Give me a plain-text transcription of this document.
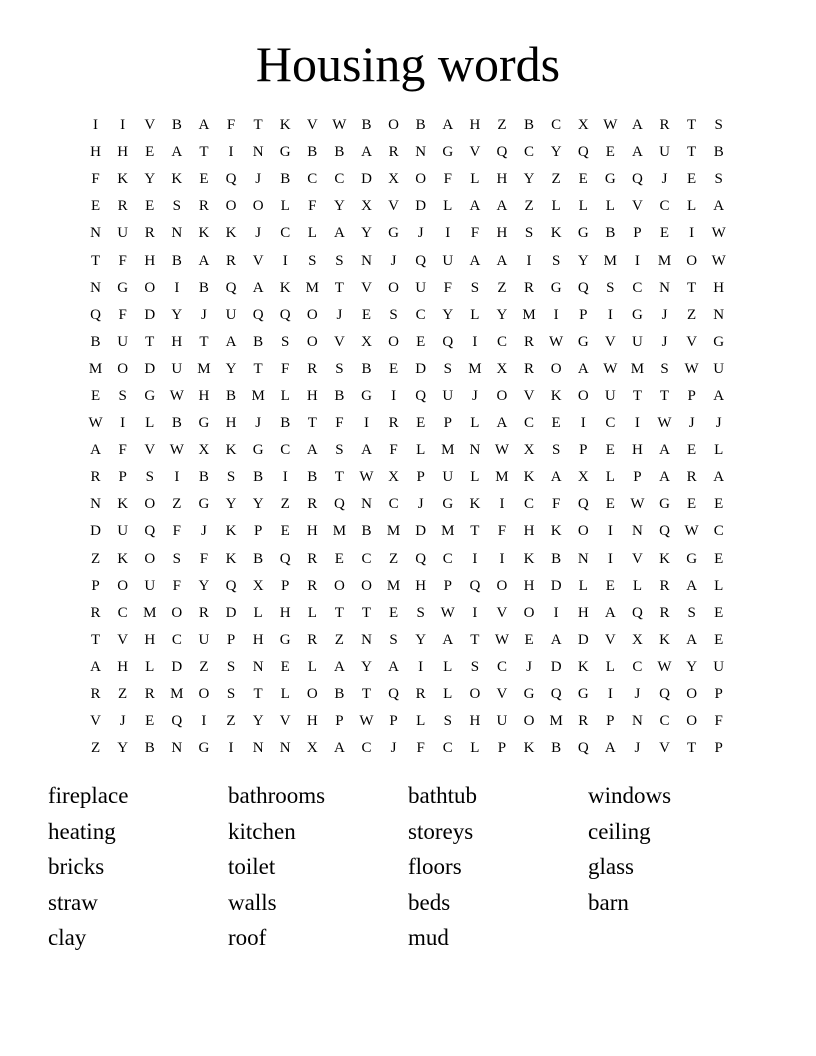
Housing words
I	I	V	B	A	F	T	K	V	W	B	O	B	A	H	Z	B	C	X	W	A	R	T	S
H	H	E	A	T	I	N	G	B	B	A	R	N	G	V	Q	C	Y	Q	E	A	U	T	B
F	K	Y	K	E	Q	J	B	C	C	D	X	O	F	L	H	Y	Z	E	G	Q	J	E	S
E	R	E	S	R	O	O	L	F	Y	X	V	D	L	A	A	Z	L	L	L	V	C	L	A
N	U	R	N	K	K	J	C	L	A	Y	G	J	I	F	H	S	K	G	B	P	E	I	W
T	F	H	B	A	R	V	I	S	S	N	J	Q	U	A	A	I	S	Y	M	I	M	O	W
N	G	O	I	B	Q	A	K	M	T	V	O	U	F	S	Z	R	G	Q	S	C	N	T	H
Q	F	D	Y	J	U	Q	Q	O	J	E	S	C	Y	L	Y	M	I	P	I	G	J	Z	N
B	U	T	H	T	A	B	S	O	V	X	O	E	Q	I	C	R	W	G	V	U	J	V	G
M	O	D	U	M	Y	T	F	R	S	B	E	D	S	M	X	R	O	A	W	M	S	W	U
E	S	G	W	H	B	M	L	H	B	G	I	Q	U	J	O	V	K	O	U	T	T	P	A
W	I	L	B	G	H	J	B	T	F	I	R	E	P	L	A	C	E	I	C	I	W	J	J
A	F	V	W	X	K	G	C	A	S	A	F	L	M	N	W	X	S	P	E	H	A	E	L
R	P	S	I	B	S	B	I	B	T	W	X	P	U	L	M	K	A	X	L	P	A	R	A
N	K	O	Z	G	Y	Y	Z	R	Q	N	C	J	G	K	I	C	F	Q	E	W	G	E	E
D	U	Q	F	J	K	P	E	H	M	B	M	D	M	T	F	H	K	O	I	N	Q	W	C
Z	K	O	S	F	K	B	Q	R	E	C	Z	Q	C	I	I	K	B	N	I	V	K	G	E
P	O	U	F	Y	Q	X	P	R	O	O	M	H	P	Q	O	H	D	L	E	L	R	A	L
R	C	M	O	R	D	L	H	L	T	T	E	S	W	I	V	O	I	H	A	Q	R	S	E
T	V	H	C	U	P	H	G	R	Z	N	S	Y	A	T	W	E	A	D	V	X	K	A	E
A	H	L	D	Z	S	N	E	L	A	Y	A	I	L	S	C	J	D	K	L	C	W	Y	U
R	Z	R	M	O	S	T	L	O	B	T	Q	R	L	O	V	G	Q	G	I	J	Q	O	P
V	J	E	Q	I	Z	Y	V	H	P	W	P	L	S	H	U	O	M	R	P	N	C	O	F
Z	Y	B	N	G	I	N	N	X	A	C	J	F	C	L	P	K	B	Q	A	J	V	T	P
fireplace	bathrooms	bathtub	windows
heating	kitchen	storeys	ceiling
bricks	toilet	floors	glass
straw	walls	beds	barn
clay	roof	mud
